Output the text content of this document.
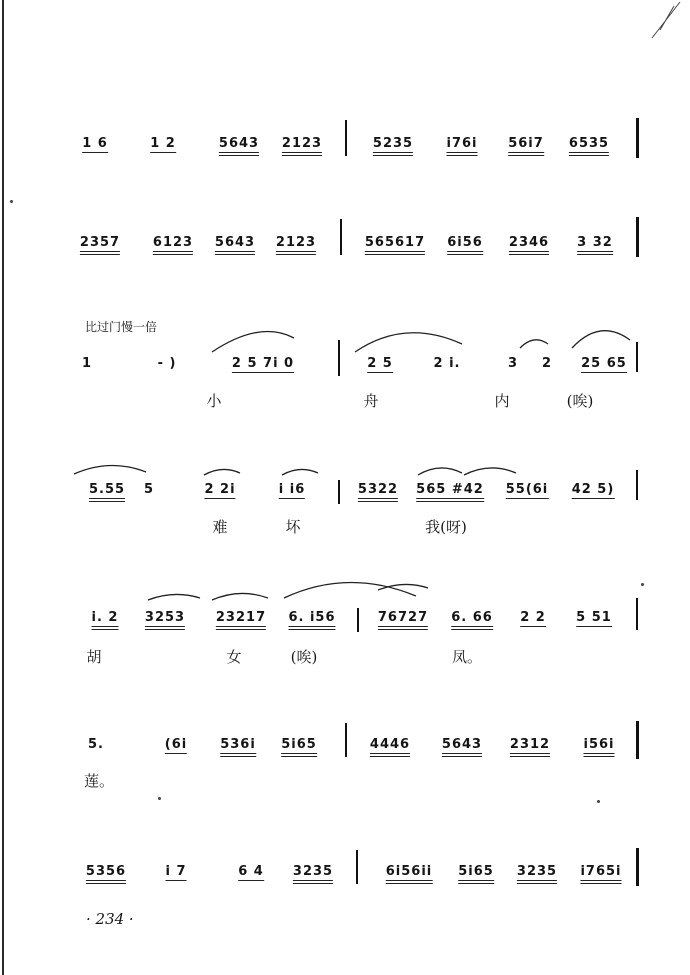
1 6	1 2	5643 2123	5235	i76i 56i7 6535
2357	6123 5643 2123	565617 6i56 2346 3 32
比过门慢一倍
1	- )	2 5 7i 0	2 5	2 i.	3 2 25 65
小	舟	内	(唉)
5.55 5	2 2i	i i6	5322 565 #42 55(6i 42 5)
难	坏	我(呀)
i. 2 3253 23217 6. i56	76727 6. 66 2 2 5 51
胡	女	(唉)	凤。
5.	(6i	536i 5i65	4446 5643 2312	i56i
莲。
5356	i 7	6 4 3235	6i56ii 5i65 3235 i765i
· 234 ·
